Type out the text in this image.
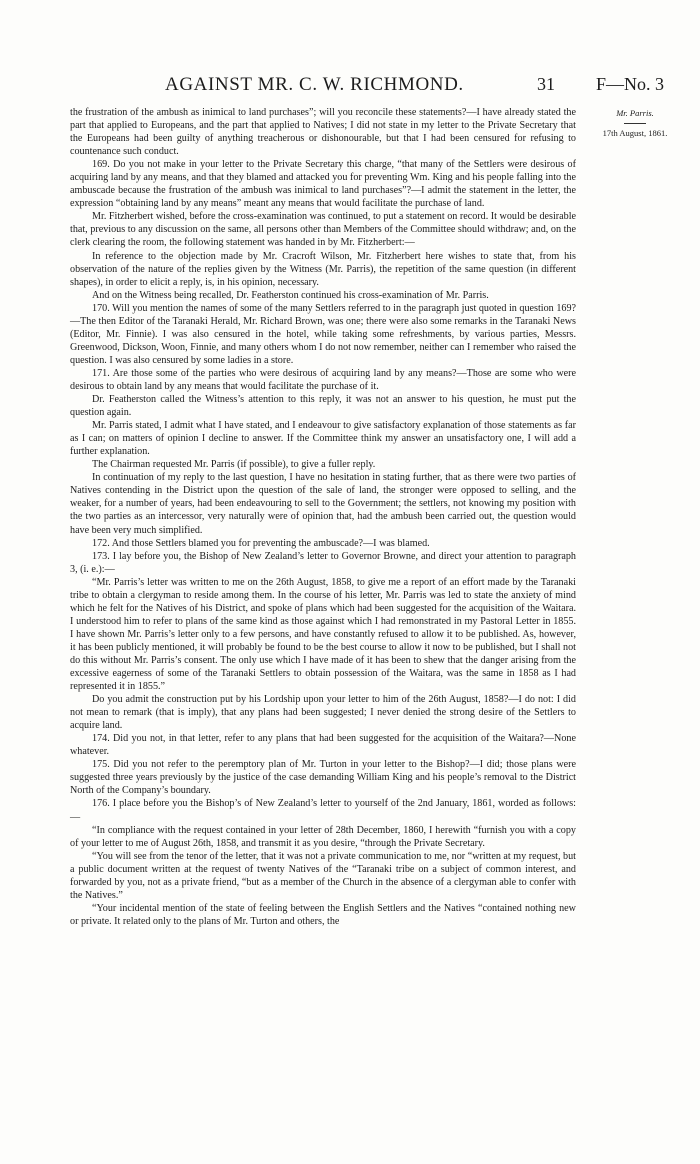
AGAINST MR. C. W. RICHMOND.	31 F—No. 3
Mr. Parris.
17th August, 1861.

the frustration of the ambush as inimical to land purchases”; will you reconcile these statements?—I have already stated the part that applied to Europeans, and the part that applied to Natives; I did not state in my letter to the Private Secretary that the Europeans had been guilty of anything treacherous or dishonourable, but that I had been censured for refusing to countenance such conduct.

169. Do you not make in your letter to the Private Secretary this charge, “that many of the Settlers were desirous of acquiring land by any means, and that they blamed and attacked you for preventing Wm. King and his people falling into the ambuscade because the frustration of the ambush was inimical to land purchases”?—I admit the statement in the letter, the expression “obtaining land by any means” meant any means that would facilitate the purchase of land.

Mr. Fitzherbert wished, before the cross-examination was continued, to put a statement on record. It would be desirable that, previous to any discussion on the same, all persons other than Members of the Committee should withdraw; and, on the clerk clearing the room, the following statement was handed in by Mr. Fitzherbert:—

In reference to the objection made by Mr. Cracroft Wilson, Mr. Fitzherbert here wishes to state that, from his observation of the nature of the replies given by the Witness (Mr. Parris), the repetition of the same question (in different shapes), in order to elicit a reply, is, in his opinion, necessary.

And on the Witness being recalled, Dr. Featherston continued his cross-examination of Mr. Parris.

170. Will you mention the names of some of the many Settlers referred to in the paragraph just quoted in question 169?—The then Editor of the Taranaki Herald, Mr. Richard Brown, was one; there were also some remarks in the Taranaki News (Editor, Mr. Finnie). I was also censured in the hotel, while taking some refreshments, by various parties, Messrs. Greenwood, Dickson, Woon, Finnie, and many others whom I do not now remember, neither can I remember who raised the question. I was also censured by some ladies in a store.

171. Are those some of the parties who were desirous of acquiring land by any means?—Those are some who were desirous to obtain land by any means that would facilitate the purchase of it.

Dr. Featherston called the Witness’s attention to this reply, it was not an answer to his question, he must put the question again.

Mr. Parris stated, I admit what I have stated, and I endeavour to give satisfactory explanation of those statements as far as I can; on matters of opinion I decline to answer. If the Committee think my answer an unsatisfactory one, I will add a further explanation.

The Chairman requested Mr. Parris (if possible), to give a fuller reply.

In continuation of my reply to the last question, I have no hesitation in stating further, that as there were two parties of Natives contending in the District upon the question of the sale of land, the stronger were opposed to selling, and the weaker, for a number of years, had been endeavouring to sell to the Government; the settlers, not knowing my position with the two parties as an intercessor, very naturally were of opinion that, had the ambush been carried out, the question would have been very much simplified.

172. And those Settlers blamed you for preventing the ambuscade?—I was blamed.

173. I lay before you, the Bishop of New Zealand’s letter to Governor Browne, and direct your attention to paragraph 3, (i. e.):—

“Mr. Parris’s letter was written to me on the 26th August, 1858, to give me a report of an effort made by the Taranaki tribe to obtain a clergyman to reside among them. In the course of his letter, Mr. Parris was led to state the anxiety of mind which he felt for the Natives of his District, and spoke of plans which had been suggested for the acquisition of the Waitara. I understood him to refer to plans of the same kind as those against which I had remonstrated in my Pastoral Letter in 1855. I have shown Mr. Parris’s letter only to a few persons, and have constantly refused to allow it to be published. As, however, it has been publicly mentioned, it will probably be found to be the best course to allow it now to be published, but I shall not do this without Mr. Parris’s consent. The only use which I have made of it has been to shew that the danger arising from the excessive eagerness of some of the Taranaki Settlers to obtain possession of the Waitara, was the same in 1858 as I had represented it in 1855.”

Do you admit the construction put by his Lordship upon your letter to him of the 26th August, 1858?—I do not: I did not mean to remark (that is imply), that any plans had been suggested; I never denied the strong desire of the Settlers to acquire land.

174. Did you not, in that letter, refer to any plans that had been suggested for the acquisition of the Waitara?—None whatever.

175. Did you not refer to the peremptory plan of Mr. Turton in your letter to the Bishop?—I did; those plans were suggested three years previously by the justice of the case demanding William King and his people’s removal to the District North of the Company’s boundary.

176. I place before you the Bishop’s of New Zealand’s letter to yourself of the 2nd January, 1861, worded as follows:—

“In compliance with the request contained in your letter of 28th December, 1860, I herewith “furnish you with a copy of your letter to me of August 26th, 1858, and transmit it as you desire, “through the Private Secretary.

“You will see from the tenor of the letter, that it was not a private communication to me, nor “written at my request, but a public document written at the request of twenty Natives of the “Taranaki tribe on a subject of common interest, and forwarded by you, not as a private friend, “but as a member of the Church in the absence of a clergyman able to confer with the Natives.”

“Your incidental mention of the state of feeling between the English Settlers and the Natives “contained nothing new or private. It related only to the plans of Mr. Turton and others, the
